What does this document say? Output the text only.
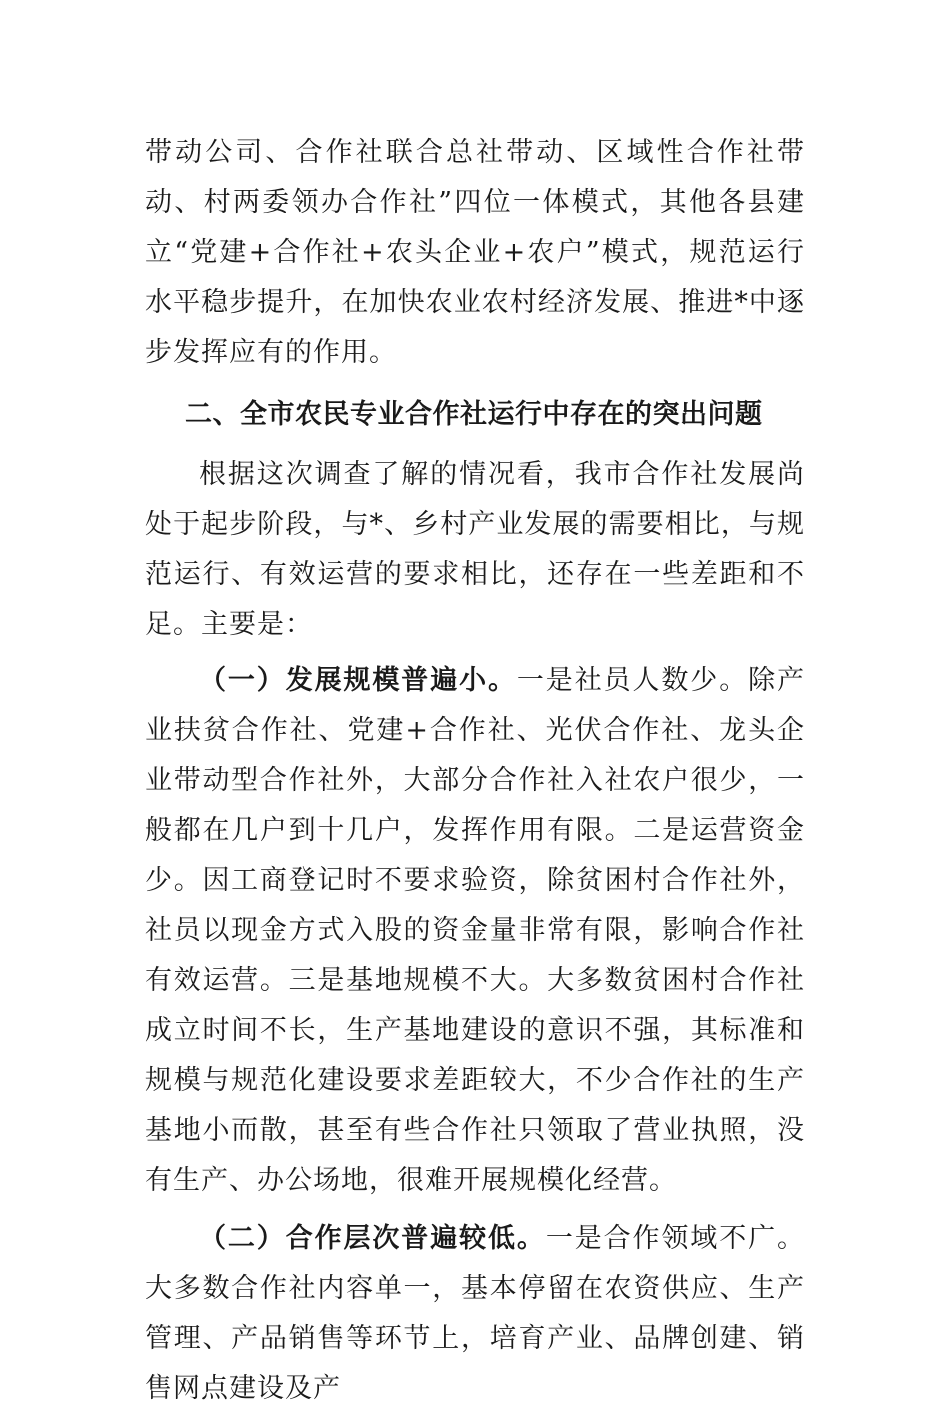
带动公司、合作社联合总社带动、区域性合作社带动、村两委领办合作社”四位一体模式，其他各县建立“党建+合作社+农头企业+农户”模式，规范运行水平稳步提升，在加快农业农村经济发展、推进*中逐步发挥应有的作用。

二、全市农民专业合作社运行中存在的突出问题

根据这次调查了解的情况看，我市合作社发展尚处于起步阶段，与*、乡村产业发展的需要相比，与规范运行、有效运营的要求相比，还存在一些差距和不足。主要是：

（一）发展规模普遍小。一是社员人数少。除产业扶贫合作社、党建+合作社、光伏合作社、龙头企业带动型合作社外，大部分合作社入社农户很少，一般都在几户到十几户，发挥作用有限。二是运营资金少。因工商登记时不要求验资，除贫困村合作社外，社员以现金方式入股的资金量非常有限，影响合作社有效运营。三是基地规模不大。大多数贫困村合作社成立时间不长，生产基地建设的意识不强，其标准和规模与规范化建设要求差距较大，不少合作社的生产基地小而散，甚至有些合作社只领取了营业执照，没有生产、办公场地，很难开展规模化经营。

（二）合作层次普遍较低。一是合作领域不广。大多数合作社内容单一，基本停留在农资供应、生产管理、产品销售等环节上，培育产业、品牌创建、销售网点建设及产
